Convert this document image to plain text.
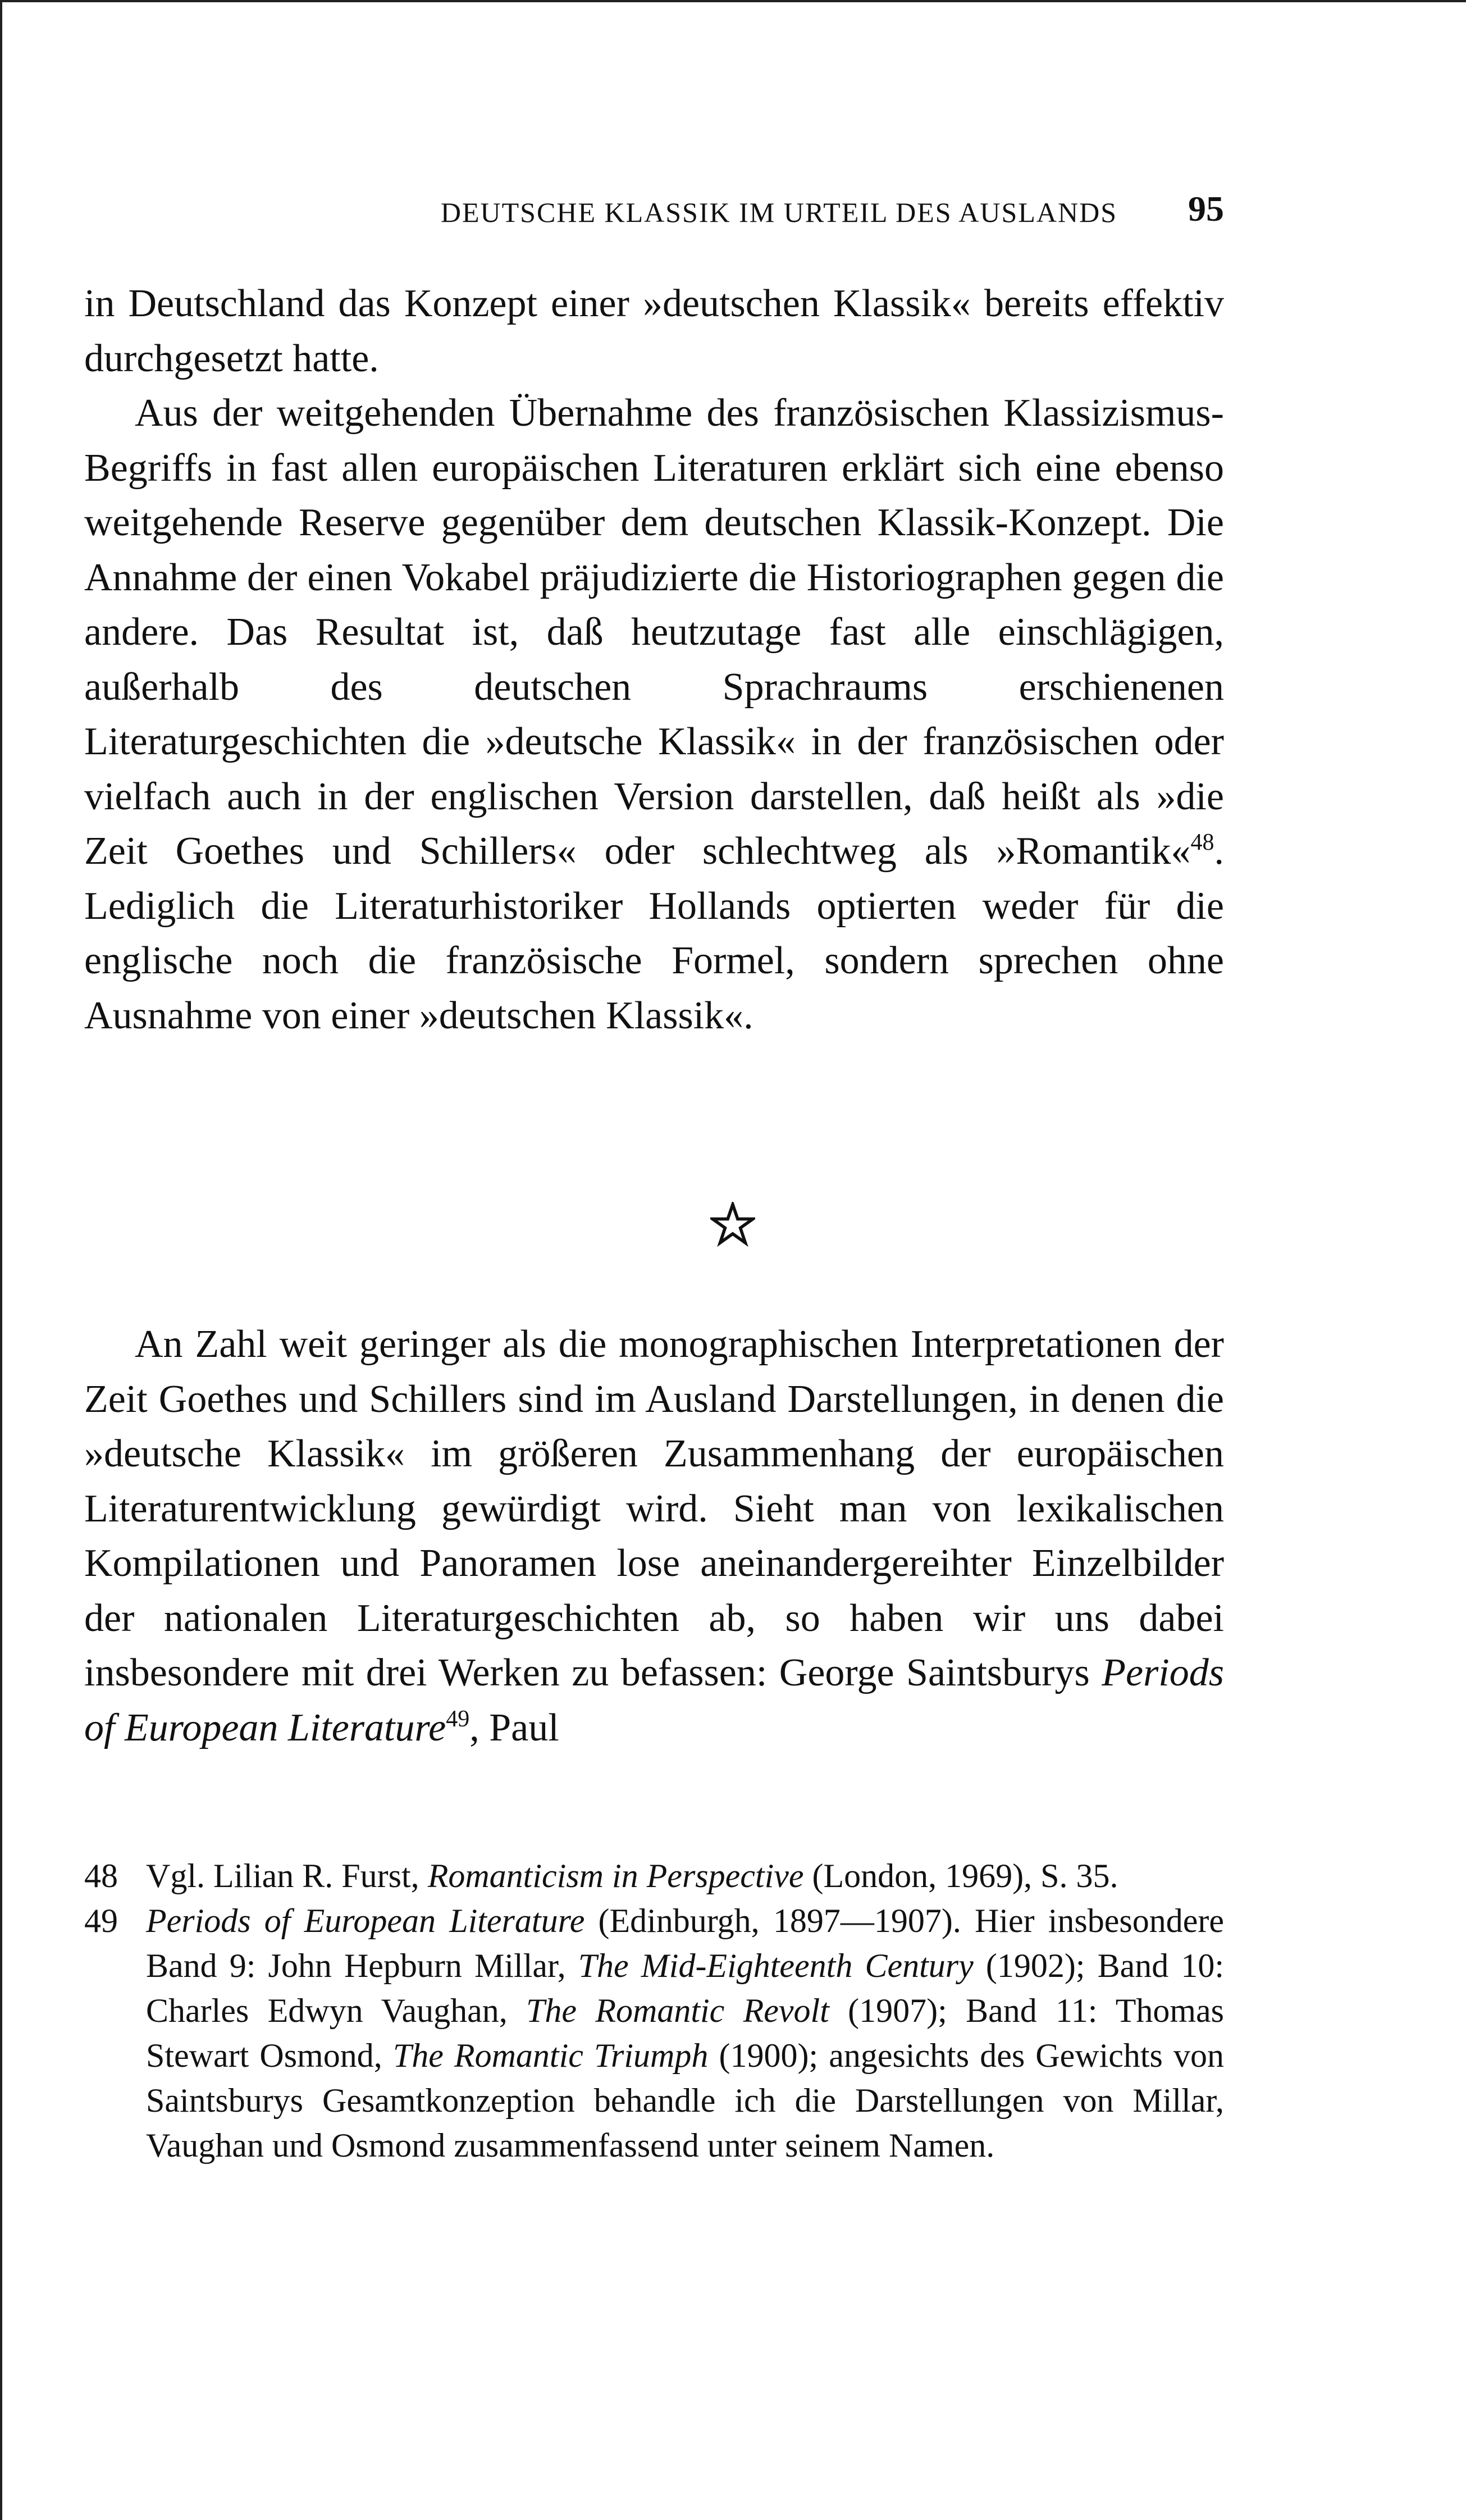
DEUTSCHE KLASSIK IM URTEIL DES AUSLANDS 95

in Deutschland das Konzept einer »deutschen Klassik« bereits effektiv durchgesetzt hatte.

Aus der weitgehenden Übernahme des französischen Klassizismus-Begriffs in fast allen europäischen Literaturen erklärt sich eine ebenso weitgehende Reserve gegenüber dem deutschen Klassik-Konzept. Die Annahme der einen Vokabel präjudizierte die Historiographen gegen die andere. Das Resultat ist, daß heutzutage fast alle einschlägigen, außerhalb des deutschen Sprachraums erschienenen Literaturgeschichten die »deutsche Klassik« in der französischen oder vielfach auch in der englischen Version darstellen, daß heißt als »die Zeit Goethes und Schillers« oder schlechtweg als »Romantik«$^{48}$. Lediglich die Literaturhistoriker Hollands optierten weder für die englische noch die französische Formel, sondern sprechen ohne Ausnahme von einer »deutschen Klassik«.

An Zahl weit geringer als die monographischen Interpretationen der Zeit Goethes und Schillers sind im Ausland Darstellungen, in denen die »deutsche Klassik« im größeren Zusammenhang der europäischen Literaturentwicklung gewürdigt wird. Sieht man von lexikalischen Kompilationen und Panoramen lose aneinandergereihter Einzelbilder der nationalen Literaturgeschichten ab, so haben wir uns dabei insbesondere mit drei Werken zu befassen: George Saintsburys Periods of European Literature$^{49}$, Paul

48 Vgl. Lilian R. Furst, Romanticism in Perspective (London, 1969), S. 35.

49 Periods of European Literature (Edinburgh, 1897—1907). Hier insbesondere Band 9: John Hepburn Millar, The Mid-Eighteenth Century (1902); Band 10: Charles Edwyn Vaughan, The Romantic Revolt (1907); Band 11: Thomas Stewart Osmond, The Romantic Triumph (1900); angesichts des Gewichts von Saintsburys Gesamtkonzeption behandle ich die Darstellungen von Millar, Vaughan und Osmond zusammenfassend unter seinem Namen.
